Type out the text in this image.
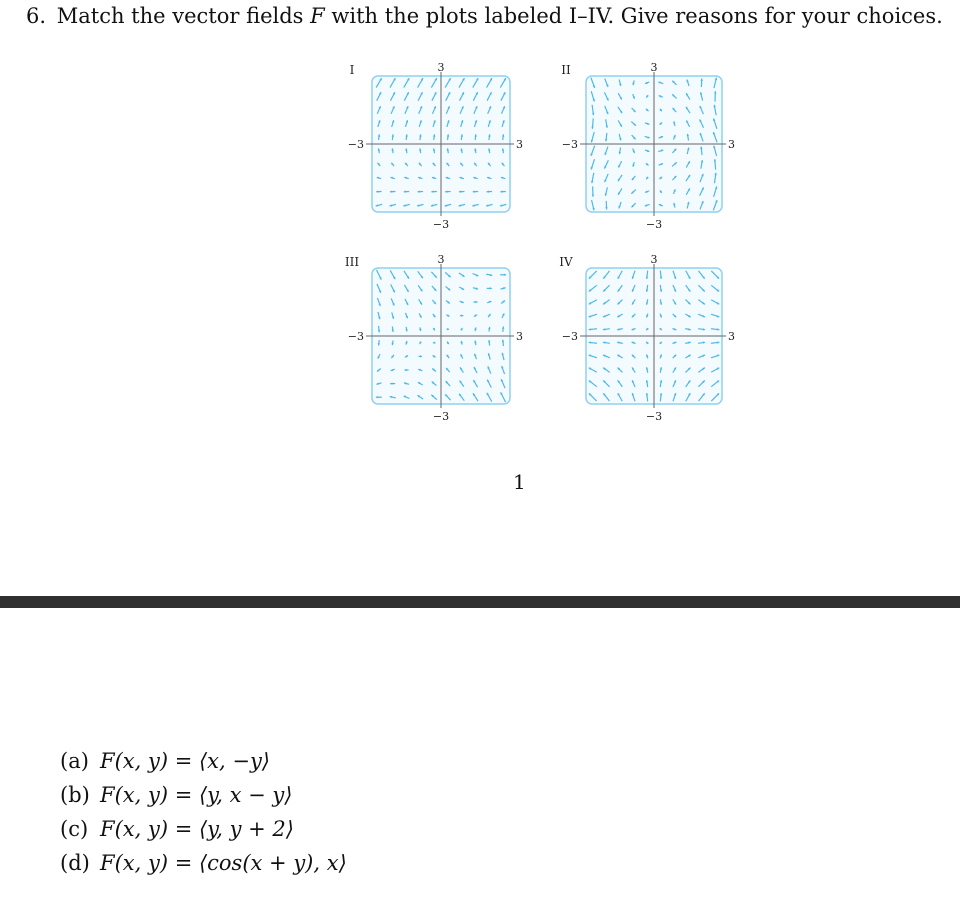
6. Match the vector fields F with the plots labeled I–IV. Give reasons for your choices.
I	3
−3	3
−3
II	3
−3	3
−3
III	3
−3	3
−3
IV	3
−3	3
−3
1
(a) F(x, y) = ⟨x, −y⟩
(b) F(x, y) = ⟨y, x − y⟩
(c) F(x, y) = ⟨y, y + 2⟩
(d) F(x, y) = ⟨cos(x + y), x⟩
